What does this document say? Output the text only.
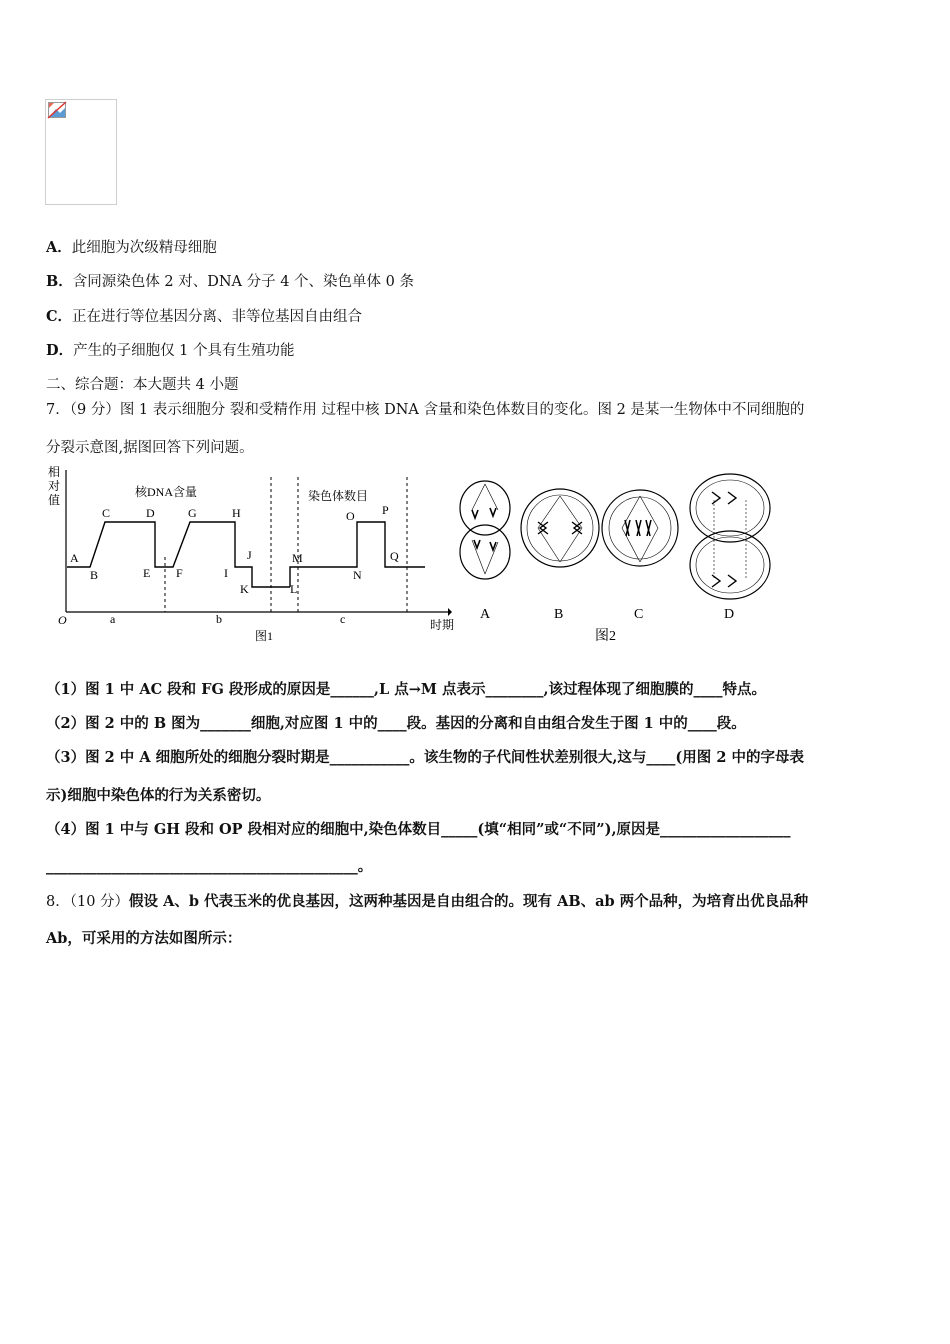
A．此细胞为次级精母细胞
B．含同源染色体 2 对、DNA 分子 4 个、染色单体 0 条
C．正在进行等位基因分离、非等位基因自由组合
D．产生的子细胞仅 1 个具有生殖功能
二、综合题：本大题共 4 小题
7．（9 分）图 1 表示细胞分 裂和受精作用 过程中核 DNA 含量和染色体数目的变化。图 2 是某一生物体中不同细胞的
分裂示意图,据图回答下列问题。
相
对
值
O	时期
图1
核DNA含量	染色体数目
A
B
C	D
E F
G	H
I
J
K	L
M
N
O P
Q
a	b	c	A	B	C	D
图2
（1）图 1 中 AC 段和 FG 段形成的原因是______,L 点→M 点表示________,该过程体现了细胞膜的____特点。
（2）图 2 中的 B 图为_______细胞,对应图 1 中的____段。基因的分离和自由组合发生于图 1 中的____段。
（3）图 2 中 A 细胞所处的细胞分裂时期是___________。该生物的子代间性状差别很大,这与____(用图 2 中的字母表
示)细胞中染色体的行为关系密切。
（4）图 1 中与 GH 段和 OP 段相对应的细胞中,染色体数目_____(填“相同”或“不同”),原因是__________________
___________________________________________。
8．（10 分）假设 A、b 代表玉米的优良基因，这两种基因是自由组合的。现有 AB、ab 两个品种，为培育出优良品种
Ab，可采用的方法如图所示：
